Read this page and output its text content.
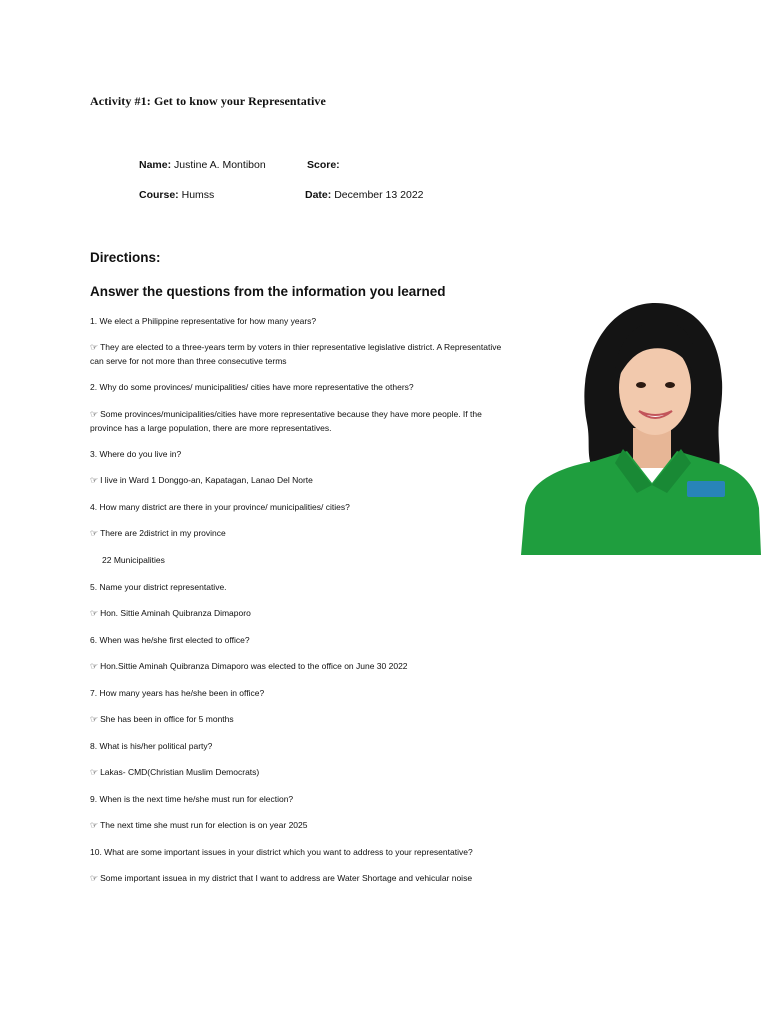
Activity #1: Get to know your Representative
Name: Justine A. Montibon	Score:
Course: Humss	Date: December 13 2022
Directions:
Answer the questions from the information you learned
1. We elect a Philippine representative for how many years?
☞ They are elected to a three-years term by voters in thier representative legislative district. A Representative can serve for not more than three consecutive terms
2. Why do some provinces/ municipalities/ cities have more representative the others?
☞ Some provinces/municipalities/cities have more representative because they have more people. If the province has a large population, there are more representatives.
3. Where do you live in?
☞ I live in Ward 1 Donggo-an, Kapatagan, Lanao Del Norte
4. How many district are there in your province/ municipalities/ cities?
☞ There are 2district in my province
22 Municipalities
5. Name your district representative.
☞ Hon. Sittie Aminah Quibranza Dimaporo
6. When was he/she first elected to office?
☞ Hon.Sittie Aminah Quibranza Dimaporo was elected to the office on June 30 2022
7. How many years has he/she been in office?
☞ She has been in office for 5 months
8. What is his/her political party?
☞ Lakas- CMD(Christian Muslim Democrats)
9. When is the next time he/she must run for election?
☞ The next time she must run for election is on year 2025
10. What are some important issues in your district which you want to address to your representative?
☞ Some important issuea in my district that I want to address are Water Shortage and vehicular noise
